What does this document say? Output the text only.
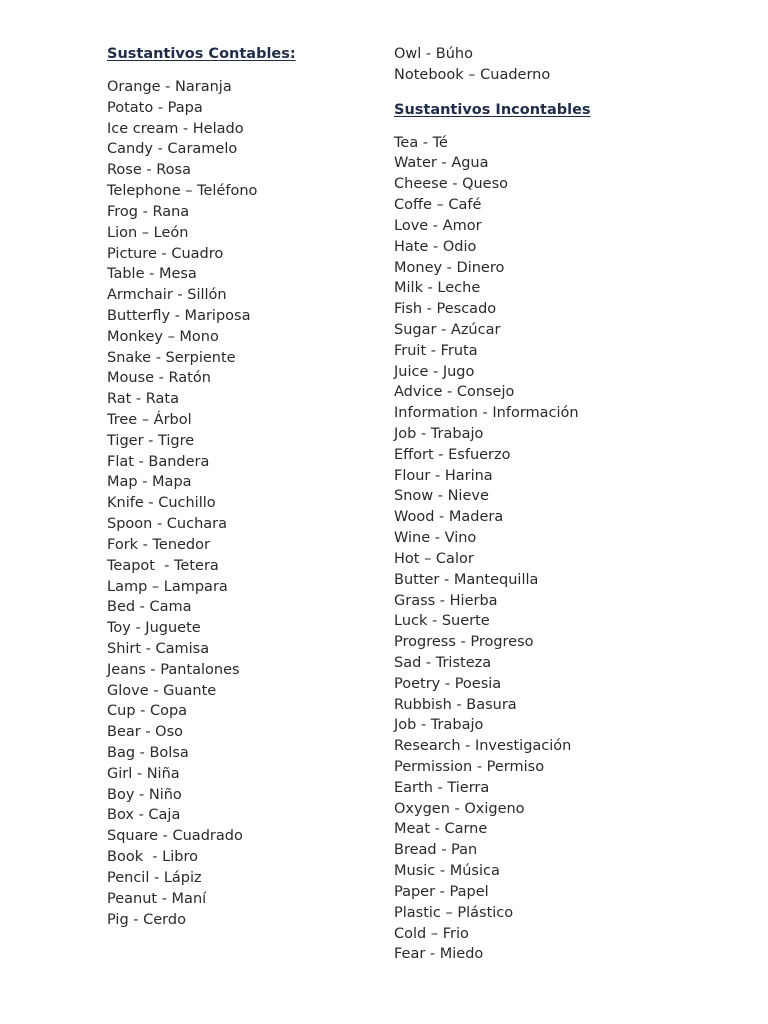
Sustantivos Contables:
Orange - Naranja
Potato - Papa
Ice cream - Helado
Candy - Caramelo
Rose - Rosa
Telephone – Teléfono
Frog - Rana
Lion – León
Picture - Cuadro
Table - Mesa
Armchair - Sillón
Butterfly - Mariposa
Monkey – Mono
Snake - Serpiente
Mouse - Ratón
Rat - Rata
Tree – Árbol
Tiger - Tigre
Flat - Bandera
Map - Mapa
Knife - Cuchillo
Spoon - Cuchara
Fork - Tenedor
Teapot  - Tetera
Lamp – Lampara
Bed - Cama
Toy - Juguete
Shirt - Camisa
Jeans - Pantalones
Glove - Guante
Cup - Copa
Bear - Oso
Bag - Bolsa
Girl - Niña
Boy - Niño
Box - Caja
Square - Cuadrado
Book  - Libro
Pencil - Lápiz
Peanut - Maní
Pig - Cerdo
Owl - Búho
Notebook – Cuaderno
Sustantivos Incontables
Tea - Té
Water - Agua
Cheese - Queso
Coffe – Café
Love - Amor
Hate - Odio
Money - Dinero
Milk - Leche
Fish - Pescado
Sugar - Azúcar
Fruit - Fruta
Juice - Jugo
Advice - Consejo
Information - Información
Job - Trabajo
Effort - Esfuerzo
Flour - Harina
Snow - Nieve
Wood - Madera
Wine - Vino
Hot – Calor
Butter - Mantequilla
Grass - Hierba
Luck - Suerte
Progress - Progreso
Sad - Tristeza
Poetry - Poesia
Rubbish - Basura
Job - Trabajo
Research - Investigación
Permission - Permiso
Earth - Tierra
Oxygen - Oxigeno
Meat - Carne
Bread - Pan
Music - Música
Paper - Papel
Plastic – Plástico
Cold – Frio
Fear - Miedo
